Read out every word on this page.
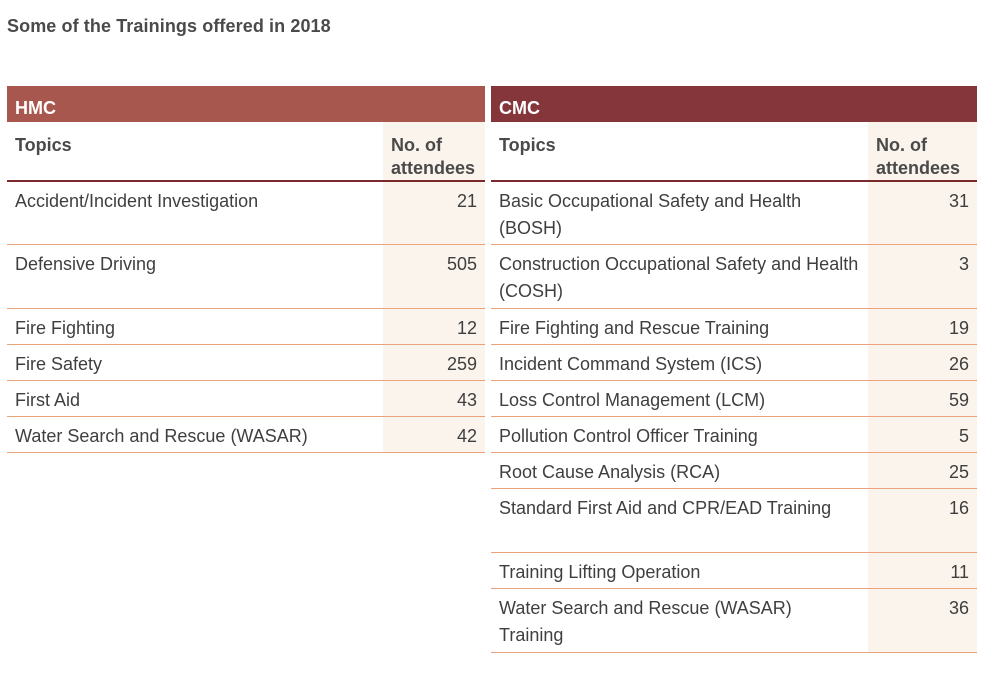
Some of the Trainings offered in 2018
HMC
Topics	No. of attendees
Accident/Incident Investigation	21
Defensive Driving	505
Fire Fighting	12
Fire Safety	259
First Aid	43
Water Search and Rescue (WASAR)	42
CMC
Topics	No. of attendees
Basic Occupational Safety and Health (BOSH)	31
Construction Occupational Safety and Health (COSH)	3
Fire Fighting and Rescue Training	19
Incident Command System (ICS)	26
Loss Control Management (LCM)	59
Pollution Control Officer Training	5
Root Cause Analysis (RCA)	25
Standard First Aid and CPR/EAD Training	16
Training Lifting Operation	11
Water Search and Rescue (WASAR) Training	36
